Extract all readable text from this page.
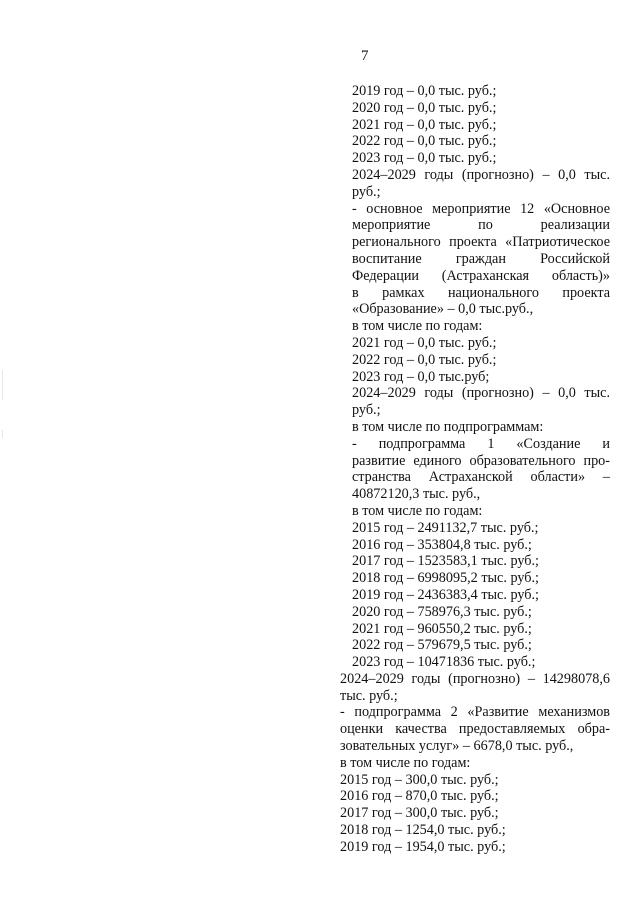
7
2019 год – 0,0 тыс. руб.;
2020 год – 0,0 тыс. руб.;
2021 год – 0,0 тыс. руб.;
2022 год – 0,0 тыс. руб.;
2023 год – 0,0 тыс. руб.;
2024–2029 годы (прогнозно) – 0,0 тыс.
руб.;
- основное мероприятие 12 «Основное
мероприятие по реализации
регионального проекта «Патриотическое
воспитание граждан Российской
Федерации (Астраханская область)»
в рамках национального проекта
«Образование» – 0,0 тыс.руб.,
в том числе по годам:
2021 год – 0,0 тыс. руб.;
2022 год – 0,0 тыс. руб.;
2023 год – 0,0 тыс.руб;
2024–2029 годы (прогнозно) – 0,0 тыс.
руб.;
в том числе по подпрограммам:
- подпрограмма 1 «Создание и
развитие единого образовательного про-
странства Астраханской области» –
40872120,3 тыс. руб.,
в том числе по годам:
2015 год – 2491132,7 тыс. руб.;
2016 год – 353804,8 тыс. руб.;
2017 год – 1523583,1 тыс. руб.;
2018 год – 6998095,2 тыс. руб.;
2019 год – 2436383,4 тыс. руб.;
2020 год – 758976,3 тыс. руб.;
2021 год – 960550,2 тыс. руб.;
2022 год – 579679,5 тыс. руб.;
2023 год – 10471836 тыс. руб.;
2024–2029 годы (прогнозно) – 14298078,6
тыс. руб.;
- подпрограмма 2 «Развитие механизмов
оценки качества предоставляемых обра-
зовательных услуг» – 6678,0 тыс. руб.,
в том числе по годам:
2015 год – 300,0 тыс. руб.;
2016 год – 870,0 тыс. руб.;
2017 год – 300,0 тыс. руб.;
2018 год – 1254,0 тыс. руб.;
2019 год – 1954,0 тыс. руб.;
